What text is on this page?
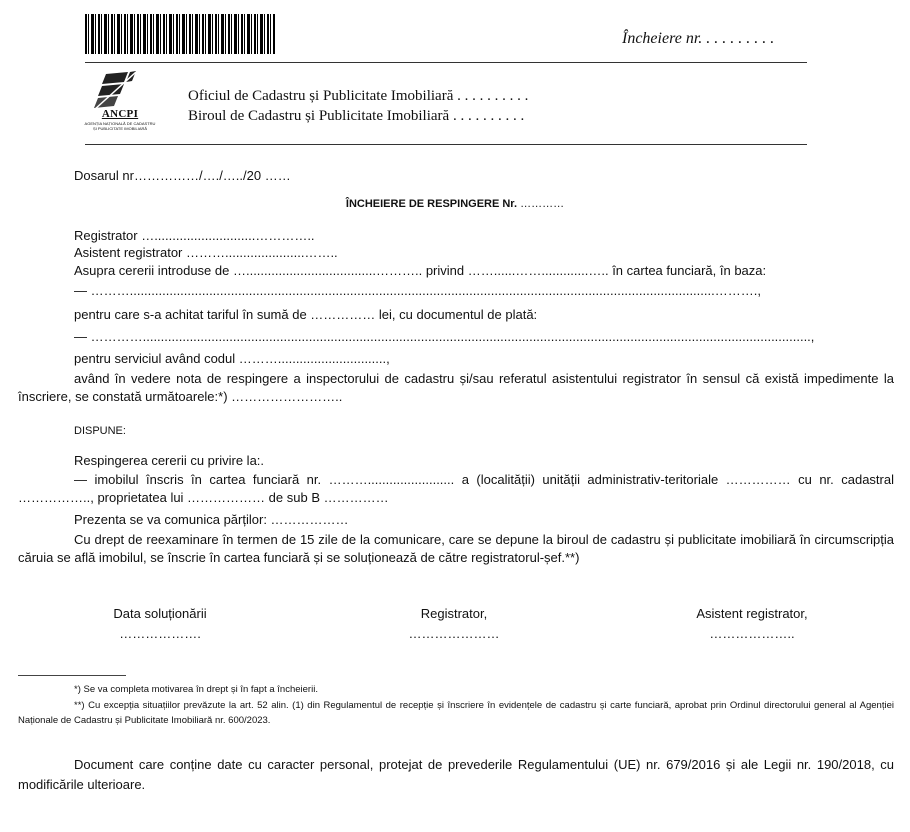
Încheiere nr. . . . . . . . . .
ANCPI
AGENȚIA NAȚIONALĂ DE CADASTRU ȘI PUBLICITATE IMOBILIARĂ
Oficiul de Cadastru și Publicitate Imobiliară . . . . . . . . . .
Biroul de Cadastru și Publicitate Imobiliară . . . . . . . . . .
Dosarul nr……………/…./…../20 ……
ÎNCHEIERE DE RESPINGERE Nr. …………
Registrator …............................…………..
Asistent registrator ………......................……..
Asupra cererii introduse de …....................................……….. privind ……......…….............….. în cartea funciară, în baza:
— ………..................................................................................................................................................................……….,
pentru care s-a achitat tariful în sumă de …………… lei, cu documentul de plată:
— ………….........................................................................................................................................................................................,
pentru serviciul având codul ………..............................,
având în vedere nota de respingere a inspectorului de cadastru și/sau referatul asistentului registrator în sensul că există impedimente la înscriere, se constată următoarele:*) ……………………..
DISPUNE:
Respingerea cererii cu privire la:.
— imobilul înscris în cartea funciară nr. ………........................ a (localității) unității administrativ-teritoriale …………… cu nr. cadastral …………….., proprietatea lui ……………… de sub B ……………
Prezenta se va comunica părților: ………………
Cu drept de reexaminare în termen de 15 zile de la comunicare, care se depune la biroul de cadastru și publicitate imobiliară în circumscripția căruia se află imobilul, se înscrie în cartea funciară și se soluționează de către registratorul-șef.**)
Data soluționării
……………….
Registrator,
…………………
Asistent registrator,
………………..
*) Se va completa motivarea în drept și în fapt a încheierii.
**) Cu excepția situațiilor prevăzute la art. 52 alin. (1) din Regulamentul de recepție și înscriere în evidențele de cadastru și carte funciară, aprobat prin Ordinul directorului general al Agenției Naționale de Cadastru și Publicitate Imobiliară nr. 600/2023.
Document care conține date cu caracter personal, protejat de prevederile Regulamentului (UE) nr. 679/2016 și ale Legii nr. 190/2018, cu modificările ulterioare.
